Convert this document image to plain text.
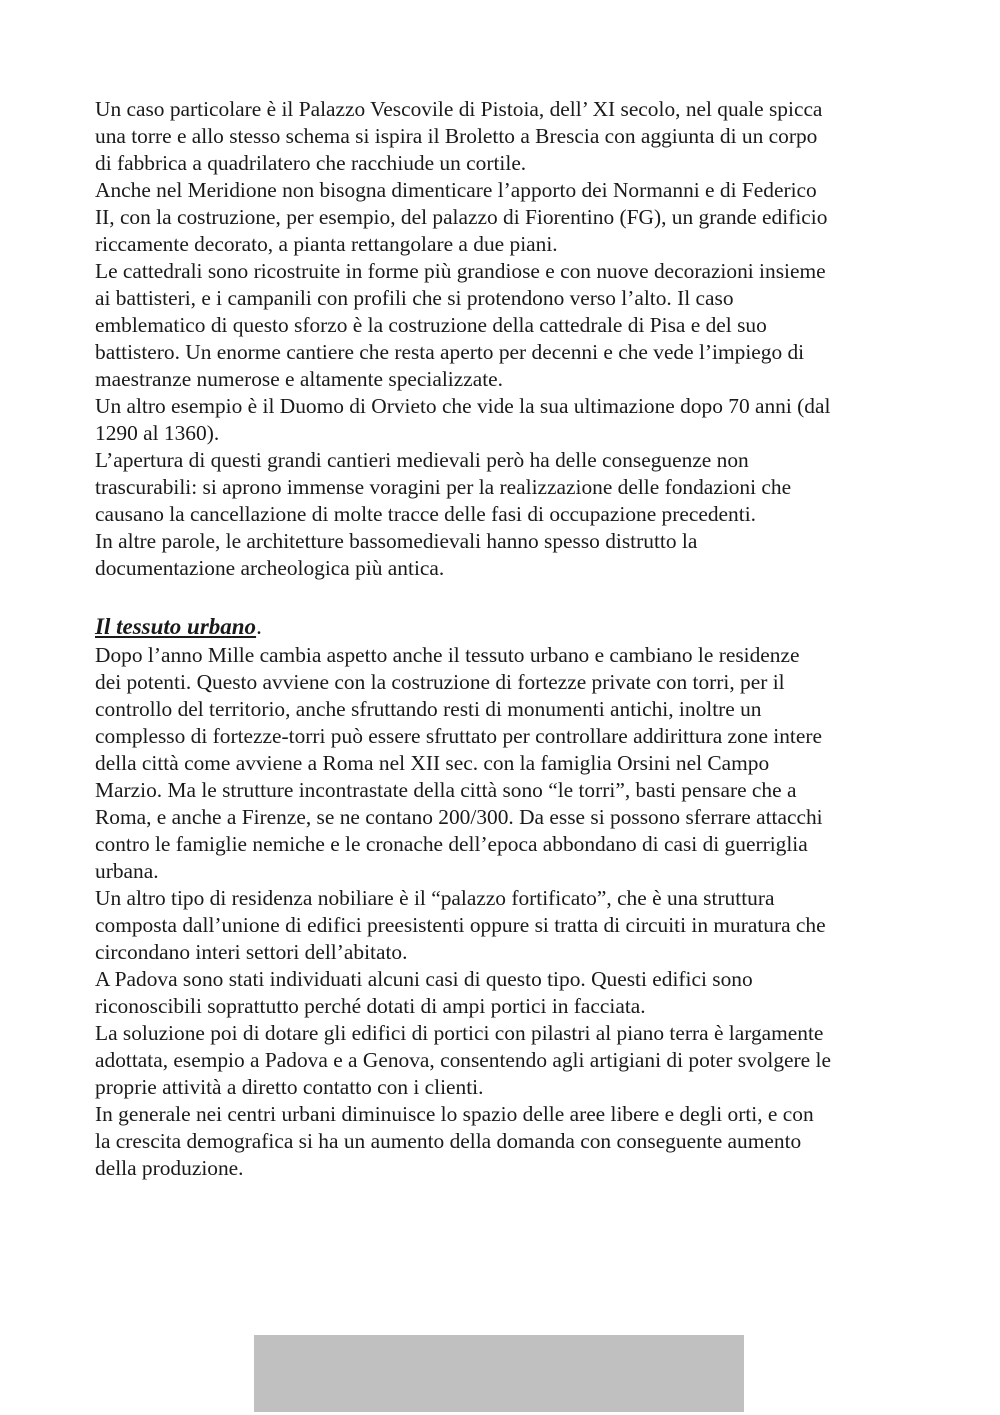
Un caso particolare è il Palazzo Vescovile di Pistoia, dell’ XI secolo, nel quale spicca
una torre e allo stesso schema si ispira il Broletto a Brescia con aggiunta di un corpo
di fabbrica a quadrilatero che racchiude un cortile.
Anche nel Meridione non bisogna dimenticare l’apporto dei Normanni e di Federico
II, con la costruzione, per esempio, del palazzo di Fiorentino (FG), un grande edificio
riccamente decorato, a pianta rettangolare a due piani.
Le cattedrali sono ricostruite in forme più grandiose e con nuove decorazioni insieme
ai battisteri, e i campanili con profili che si protendono verso l’alto. Il caso
emblematico di questo sforzo è la costruzione della cattedrale di Pisa e del suo
battistero. Un enorme cantiere che resta aperto per decenni e che vede l’impiego di
maestranze numerose e altamente specializzate.
Un altro esempio è il Duomo di Orvieto che vide la sua ultimazione dopo 70 anni (dal
1290 al 1360).
L’apertura di questi grandi cantieri medievali però ha delle conseguenze non
trascurabili: si aprono immense voragini per la realizzazione delle fondazioni che
causano la cancellazione di molte tracce delle fasi di occupazione precedenti.
In altre parole, le architetture bassomedievali hanno spesso distrutto la
documentazione archeologica più antica.
Il tessuto urbano.
Dopo l’anno Mille cambia aspetto anche il tessuto urbano e cambiano le residenze
dei potenti. Questo avviene con la costruzione di fortezze private con torri, per il
controllo del territorio, anche sfruttando resti di monumenti antichi, inoltre un
complesso di fortezze-torri può essere sfruttato per controllare addirittura zone intere
della città come avviene a Roma nel XII sec. con la famiglia Orsini nel Campo
Marzio. Ma le strutture incontrastate della città sono “le torri”, basti pensare che a
Roma, e anche a Firenze, se ne contano 200/300. Da esse si possono sferrare attacchi
contro le famiglie nemiche e le cronache dell’epoca abbondano di casi di guerriglia
urbana.
Un altro tipo di residenza nobiliare è il “palazzo fortificato”, che è una struttura
composta dall’unione di edifici preesistenti oppure si tratta di circuiti in muratura che
circondano interi settori dell’abitato.
A Padova sono stati individuati alcuni casi di questo tipo. Questi edifici sono
riconoscibili soprattutto perché dotati di ampi portici in facciata.
La soluzione poi di dotare gli edifici di portici con pilastri al piano terra è largamente
adottata, esempio a Padova e a Genova, consentendo agli artigiani di poter svolgere le
proprie attività a diretto contatto con i clienti.
In generale nei centri urbani diminuisce lo spazio delle aree libere e degli orti, e con
la crescita demografica si ha un aumento della domanda con conseguente aumento
della produzione.
